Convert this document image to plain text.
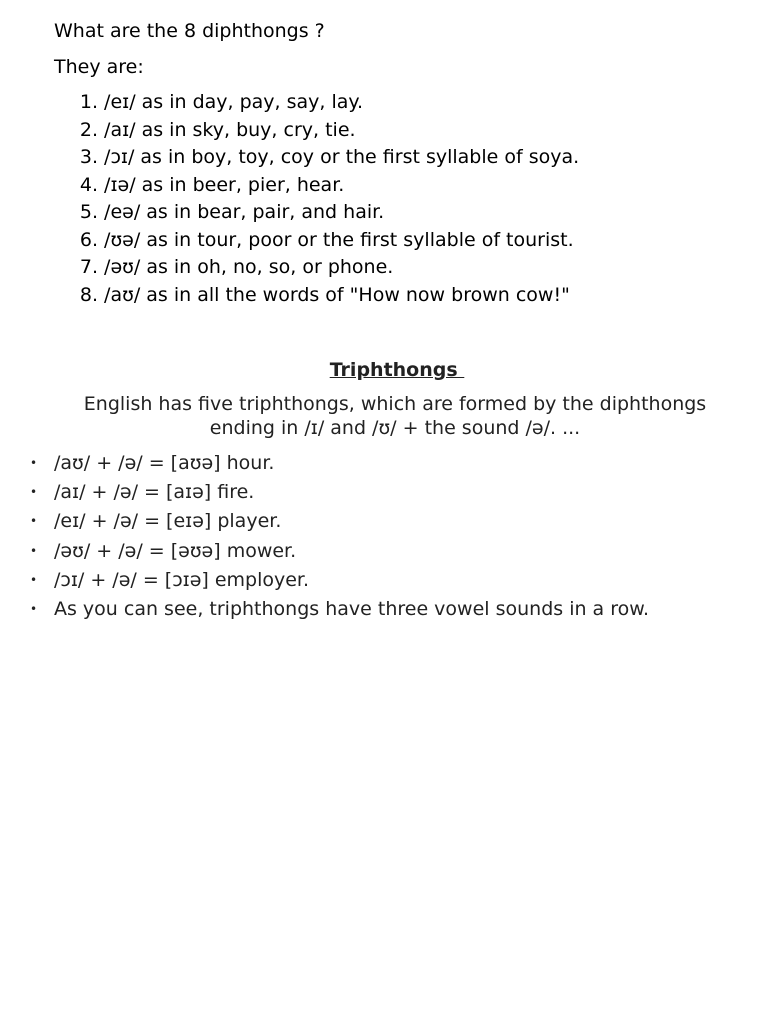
What are the 8 diphthongs ?

They are:

1. /eɪ/ as in day, pay, say, lay.
2. /aɪ/ as in sky, buy, cry, tie.
3. /ɔɪ/ as in boy, toy, coy or the first syllable of soya.
4. /ɪə/ as in beer, pier, hear.
5. /eə/ as in bear, pair, and hair.
6. /ʊə/ as in tour, poor or the first syllable of tourist.
7. /əʊ/ as in oh, no, so, or phone.
8. /aʊ/ as in all the words of "How now brown cow!"
Triphthongs

English has five triphthongs, which are formed by the diphthongs
ending in /ɪ/ and /ʊ/ + the sound /ə/. ...

• /aʊ/ + /ə/ = [aʊə] hour.
• /aɪ/ + /ə/ = [aɪə] fire.
• /eɪ/ + /ə/ = [eɪə] player.
• /əʊ/ + /ə/ = [əʊə] mower.
• /ɔɪ/ + /ə/ = [ɔɪə] employer.
• As you can see, triphthongs have three vowel sounds in a row.
